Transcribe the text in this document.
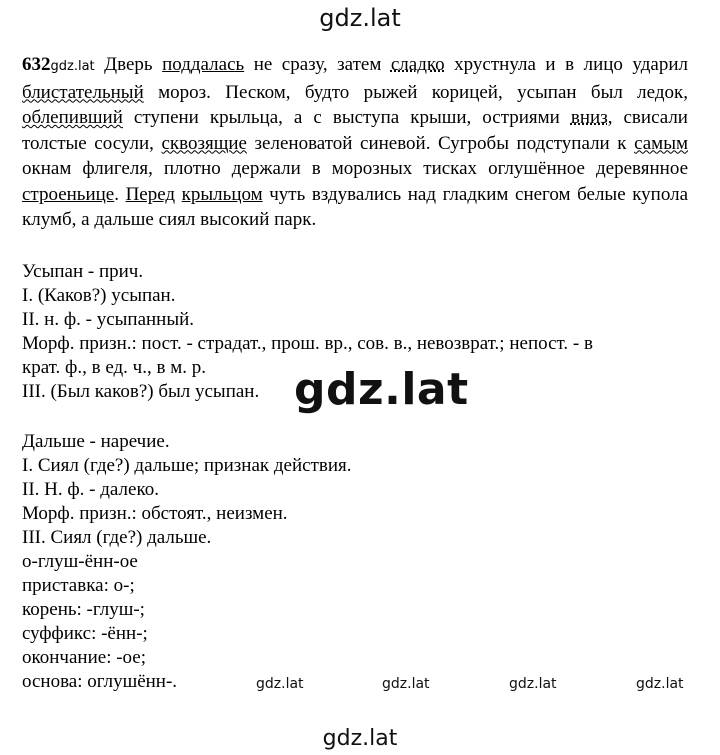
gdz.lat
632gdz.lat Дверь поддалась не сразу, затем сладко хрустнула и в лицо ударил блистательный мороз. Песком, будто рыжей корицей, усыпан был ледок, облепивший ступени крыльца, а с выступа крыши, остриями вниз, свисали толстые сосули, сквозящие зеленоватой синевой. Сугробы подступали к самым окнам флигеля, плотно держали в морозных тисках оглушённое деревянное строеньице. Перед крыльцом чуть вздувались над гладким снегом белые купола клумб, а дальше сиял высокий парк.
Усыпан - прич.
I. (Каков?) усыпан.
II. н. ф. - усыпанный.
Морф. призн.: пост. - страдат., прош. вр., сов. в., невозврат.; непост. - в
крат. ф., в ед. ч., в м. р.
III. (Был каков?) был усыпан. gdz.lat
Дальше - наречие.
I. Сиял (где?) дальше; признак действия.
II. Н. ф. - далеко.
Морф. призн.: обстоят., неизмен.
III. Сиял (где?) дальше.
о-глуш-ённ-ое
приставка: о-;
корень: -глуш-;
суффикс: -ённ-;
окончание: -ое;
основа: оглушённ-.	gdz.lat	gdz.lat	gdz.lat	gdz.lat
gdz.lat
